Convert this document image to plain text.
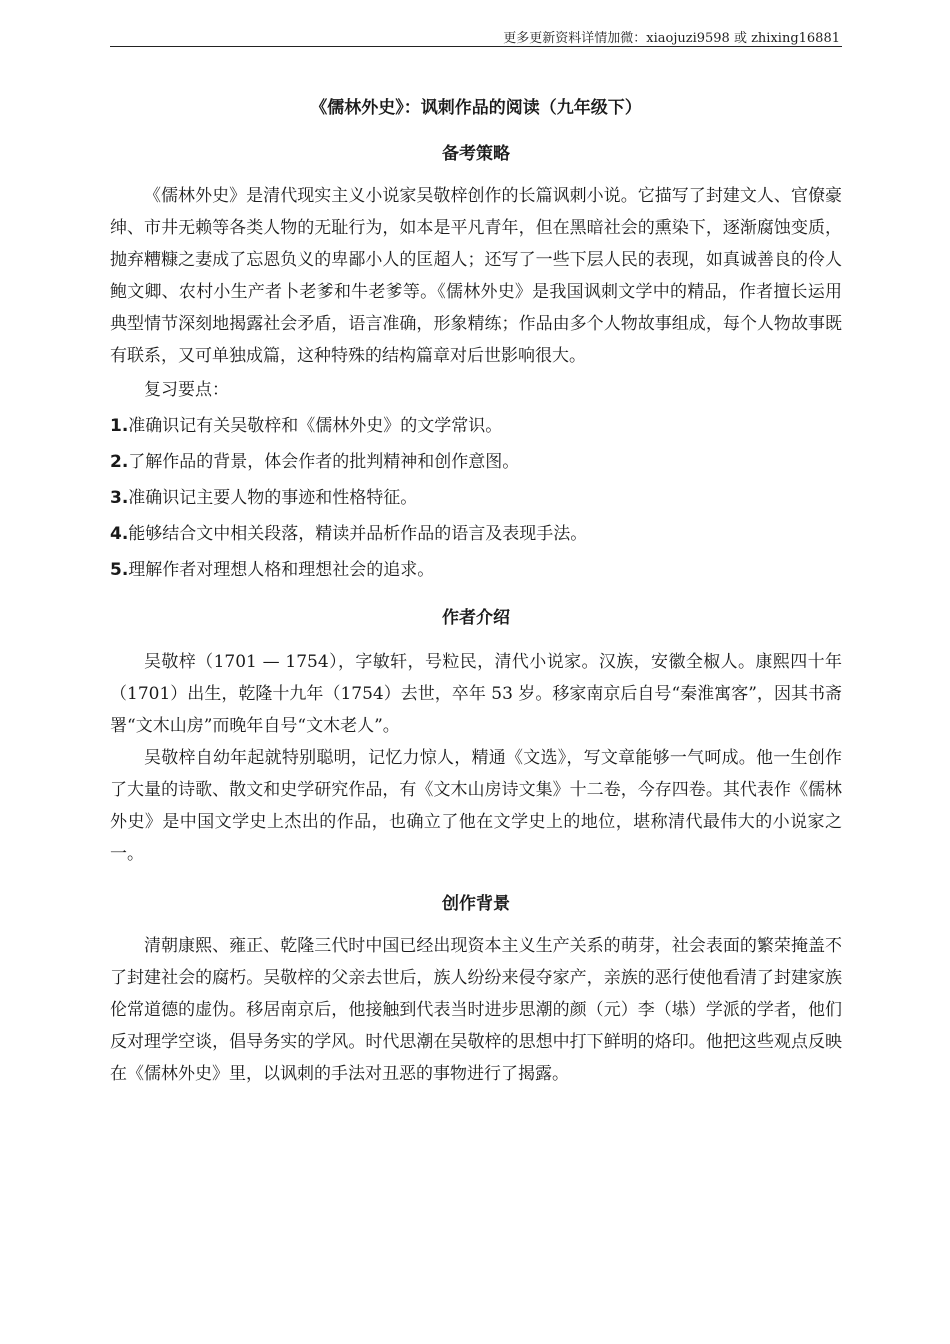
更多更新资料详情加微：xiaojuzi9598 或 zhixing16881
《儒林外史》：讽刺作品的阅读（九年级下）
备考策略

《儒林外史》是清代现实主义小说家吴敬梓创作的长篇讽刺小说。它描写了封建文人、官僚豪绅、市井无赖等各类人物的无耻行为，如本是平凡青年，但在黑暗社会的熏染下，逐渐腐蚀变质，抛弃糟糠之妻成了忘恩负义的卑鄙小人的匡超人；还写了一些下层人民的表现，如真诚善良的伶人鲍文卿、农村小生产者卜老爹和牛老爹等。《儒林外史》是我国讽刺文学中的精品，作者擅长运用典型情节深刻地揭露社会矛盾，语言准确，形象精练；作品由多个人物故事组成，每个人物故事既有联系，又可单独成篇，这种特殊的结构篇章对后世影响很大。

复习要点：

1.准确识记有关吴敬梓和《儒林外史》的文学常识。
2.了解作品的背景，体会作者的批判精神和创作意图。
3.准确识记主要人物的事迹和性格特征。
4.能够结合文中相关段落，精读并品析作品的语言及表现手法。
5.理解作者对理想人格和理想社会的追求。
作者介绍

吴敬梓（1701 — 1754），字敏轩，号粒民，清代小说家。汉族，安徽全椒人。康熙四十年（1701）出生，乾隆十九年（1754）去世，卒年 53 岁。移家南京后自号“秦淮寓客”，因其书斋署“文木山房”而晚年自号“文木老人”。

吴敬梓自幼年起就特别聪明，记忆力惊人，精通《文选》，写文章能够一气呵成。他一生创作了大量的诗歌、散文和史学研究作品，有《文木山房诗文集》十二卷，今存四卷。其代表作《儒林外史》是中国文学史上杰出的作品，也确立了他在文学史上的地位，堪称清代最伟大的小说家之一。

创作背景

清朝康熙、雍正、乾隆三代时中国已经出现资本主义生产关系的萌芽，社会表面的繁荣掩盖不了封建社会的腐朽。吴敬梓的父亲去世后，族人纷纷来侵夺家产，亲族的恶行使他看清了封建家族伦常道德的虚伪。移居南京后，他接触到代表当时进步思潮的颜（元）李（塨）学派的学者，他们反对理学空谈，倡导务实的学风。时代思潮在吴敬梓的思想中打下鲜明的烙印。他把这些观点反映在《儒林外史》里，以讽刺的手法对丑恶的事物进行了揭露。
